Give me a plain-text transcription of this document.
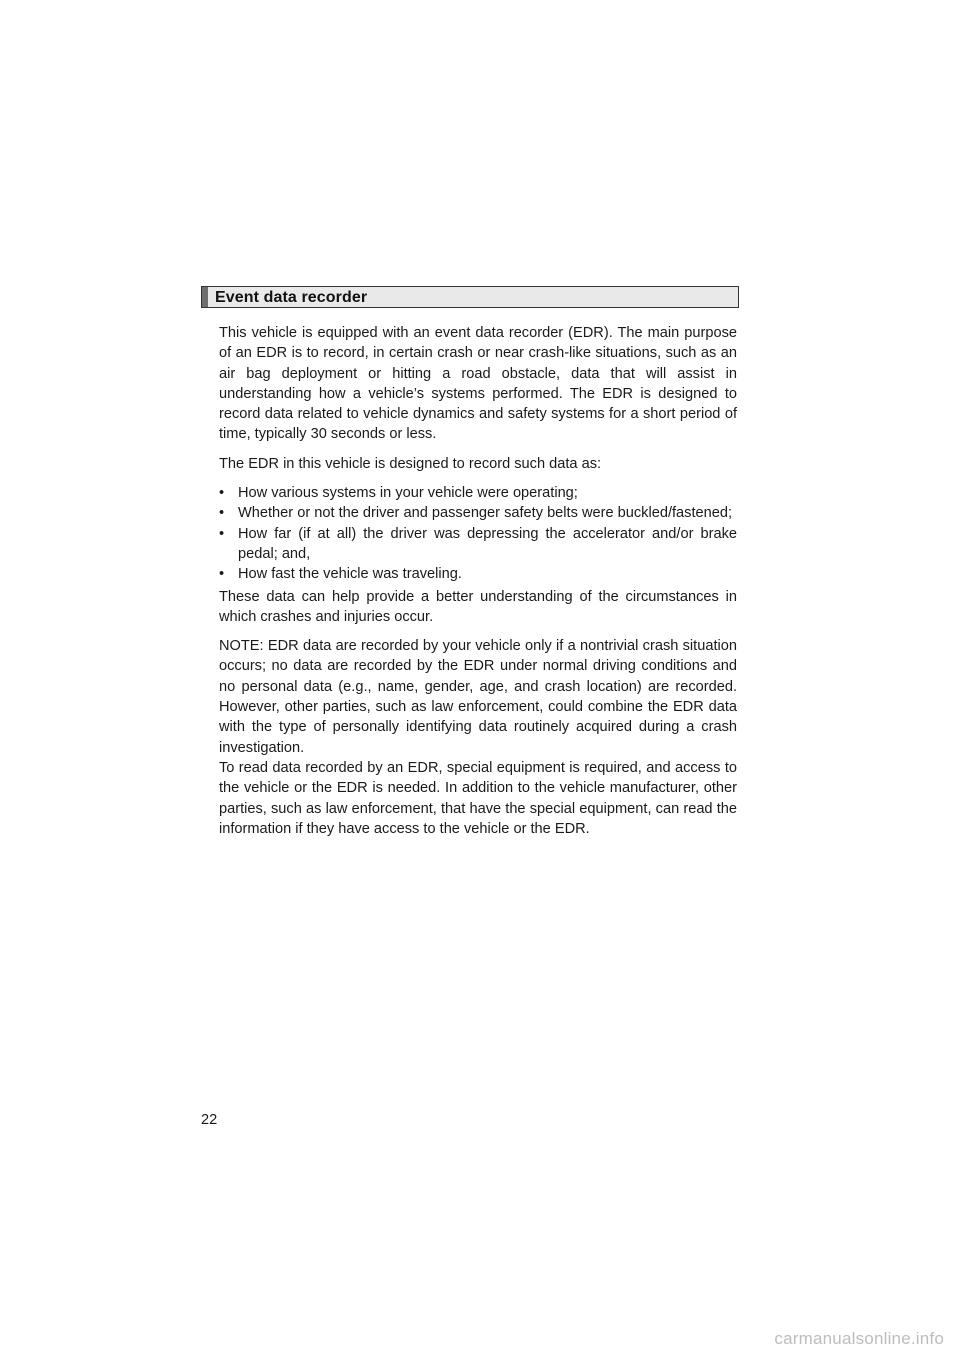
Event data recorder

This vehicle is equipped with an event data recorder (EDR). The main purpose of an EDR is to record, in certain crash or near crash-like situations, such as an air bag deployment or hitting a road obstacle, data that will assist in understanding how a vehicle’s systems performed. The EDR is designed to record data related to vehicle dynamics and safety systems for a short period of time, typically 30 seconds or less.

The EDR in this vehicle is designed to record such data as:

• How various systems in your vehicle were operating;
• Whether or not the driver and passenger safety belts were buckled/fastened;
• How far (if at all) the driver was depressing the accelerator and/or brake pedal; and,
• How fast the vehicle was traveling.

These data can help provide a better understanding of the circumstances in which crashes and injuries occur.

NOTE: EDR data are recorded by your vehicle only if a nontrivial crash situation occurs; no data are recorded by the EDR under normal driving conditions and no personal data (e.g., name, gender, age, and crash location) are recorded. However, other parties, such as law enforcement, could combine the EDR data with the type of personally identifying data routinely acquired during a crash investigation.

To read data recorded by an EDR, special equipment is required, and access to the vehicle or the EDR is needed. In addition to the vehicle manufacturer, other parties, such as law enforcement, that have the special equipment, can read the information if they have access to the vehicle or the EDR.

22
carmanualsonline.info
